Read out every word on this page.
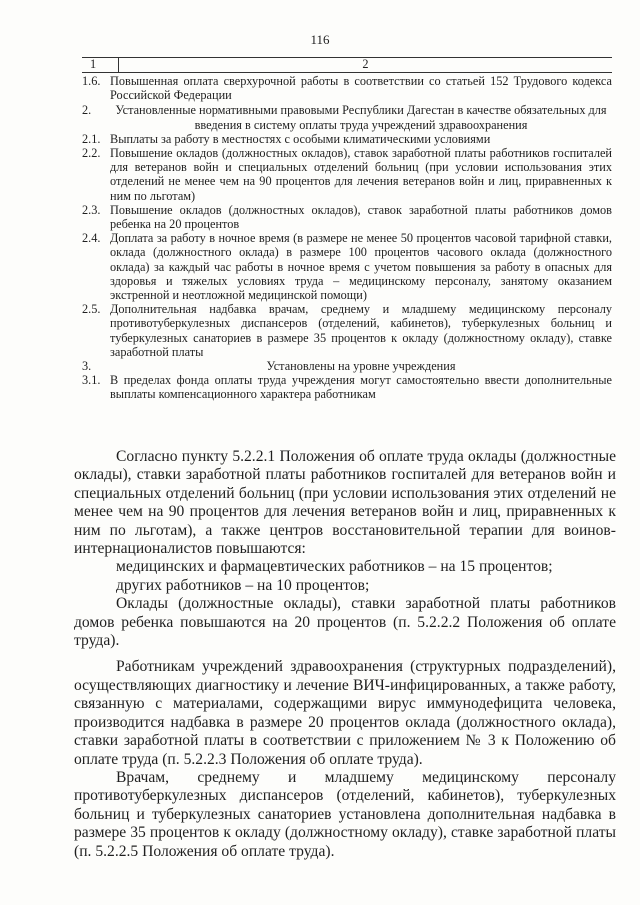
116
1	2
1.6. Повышенная оплата сверхурочной работы в соответствии со статьей 152 Трудового кодекса Российской Федерации
2.	Установленные нормативными правовыми Республики Дагестан в качестве обязательных для введения в систему оплаты труда учреждений здравоохранения
2.1. Выплаты за работу в местностях с особыми климатическими условиями
2.2. Повышение окладов (должностных окладов), ставок заработной платы работников госпиталей для ветеранов войн и специальных отделений больниц (при условии использования этих отделений не менее чем на 90 процентов для лечения ветеранов войн и лиц, приравненных к ним по льготам)
2.3. Повышение окладов (должностных окладов), ставок заработной платы работников домов ребенка на 20 процентов
2.4. Доплата за работу в ночное время (в размере не менее 50 процентов часовой тарифной ставки, оклада (должностного оклада) в размере 100 процентов часового оклада (должностного оклада) за каждый час работы в ночное время с учетом повышения за работу в опасных для здоровья и тяжелых условиях труда – медицинскому персоналу, занятому оказанием экстренной и неотложной медицинской помощи)
2.5. Дополнительная надбавка врачам, среднему и младшему медицинскому персоналу противотуберкулезных диспансеров (отделений, кабинетов), туберкулезных больниц и туберкулезных санаториев в размере 35 процентов к окладу (должностному окладу), ставке заработной платы
3.	Установлены на уровне учреждения
3.1. В пределах фонда оплаты труда учреждения могут самостоятельно ввести дополнительные выплаты компенсационного характера работникам

Согласно пункту 5.2.2.1 Положения об оплате труда оклады (должностные оклады), ставки заработной платы работников госпиталей для ветеранов войн и специальных отделений больниц (при условии использования этих отделений не менее чем на 90 процентов для лечения ветеранов войн и лиц, приравненных к ним по льготам), а также центров восстановительной терапии для воинов-интернационалистов повышаются:

медицинских и фармацевтических работников – на 15 процентов;

других работников – на 10 процентов;

Оклады (должностные оклады), ставки заработной платы работников домов ребенка повышаются на 20 процентов (п. 5.2.2.2 Положения об оплате труда).

Работникам учреждений здравоохранения (структурных подразделений), осуществляющих диагностику и лечение ВИЧ-инфицированных, а также работу, связанную с материалами, содержащими вирус иммунодефицита человека, производится надбавка в размере 20 процентов оклада (должностного оклада), ставки заработной платы в соответствии с приложением № 3 к Положению об оплате труда (п. 5.2.2.3 Положения об оплате труда).

Врачам, среднему и младшему медицинскому персоналу противотуберкулезных диспансеров (отделений, кабинетов), туберкулезных больниц и туберкулезных санаториев установлена дополнительная надбавка в размере 35 процентов к окладу (должностному окладу), ставке заработной платы (п. 5.2.2.5 Положения об оплате труда).
